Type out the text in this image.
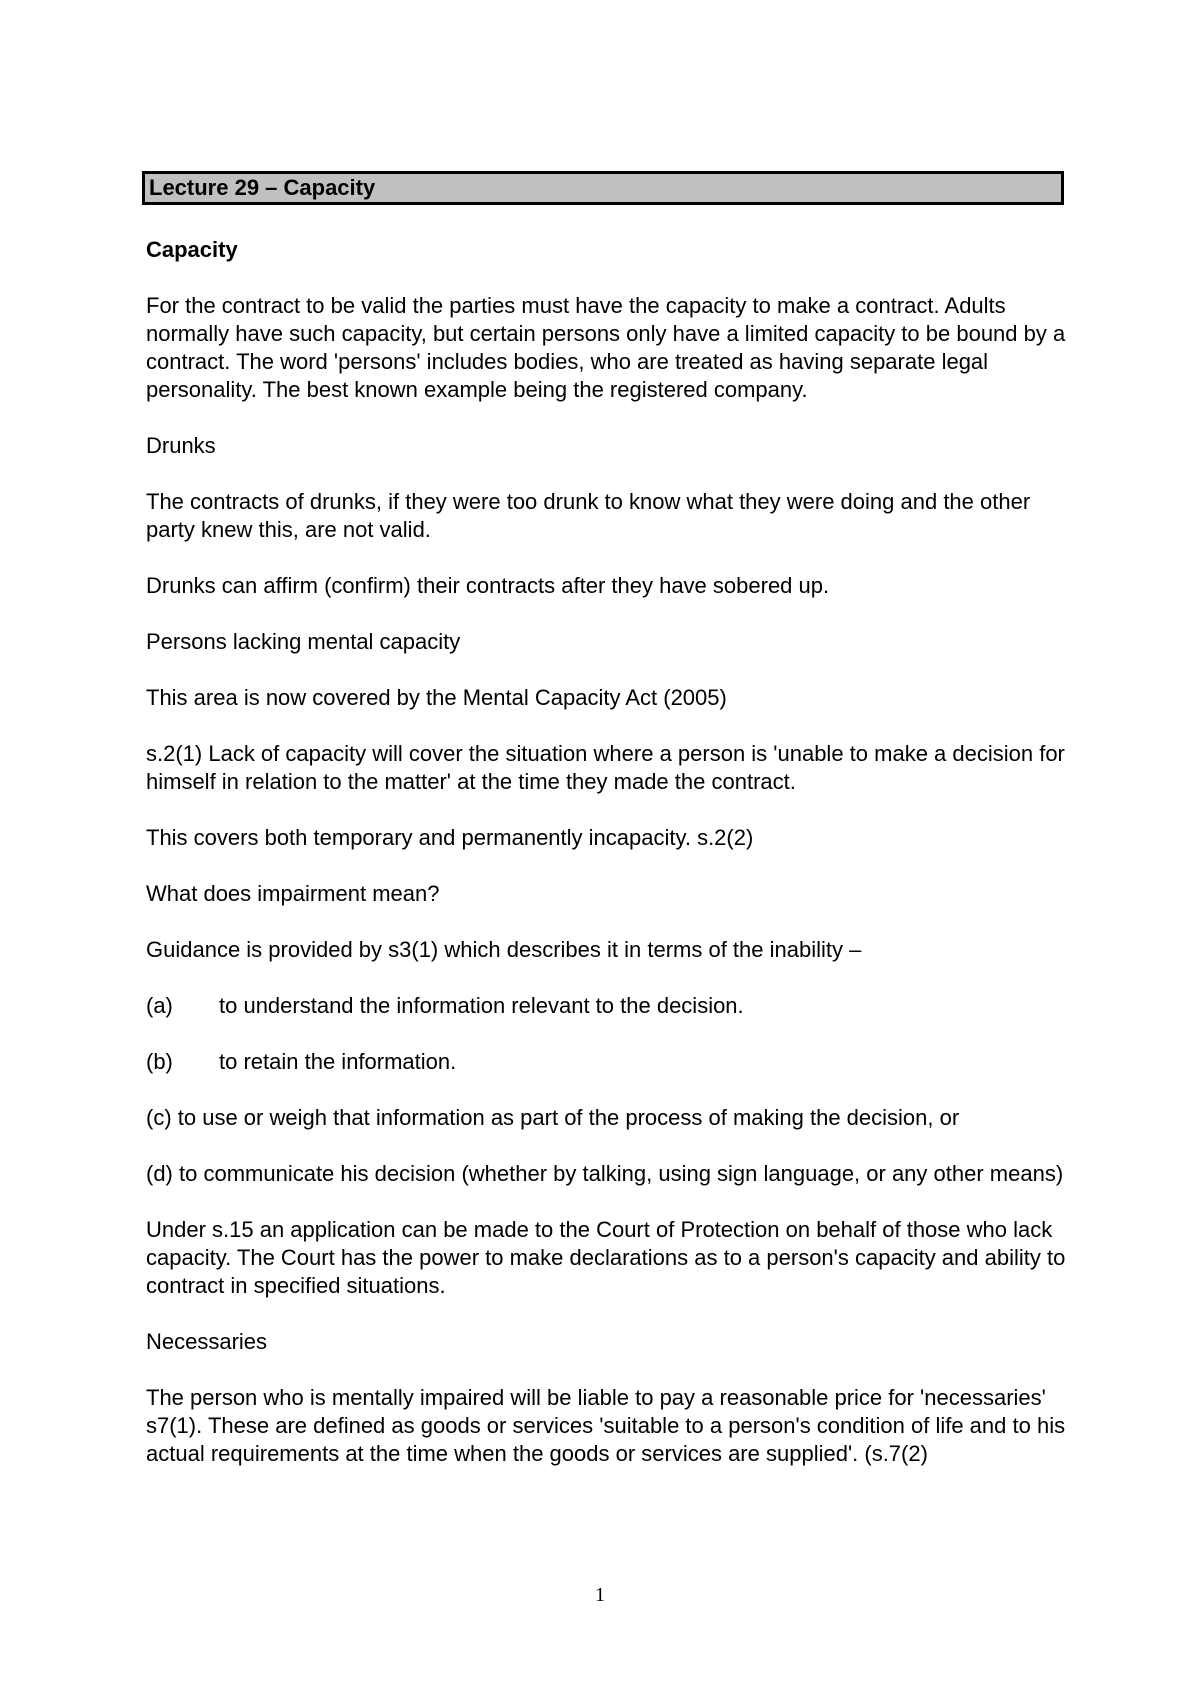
Lecture 29 – Capacity

Capacity

For the contract to be valid the parties must have the capacity to make a contract. Adults normally have such capacity, but certain persons only have a limited capacity to be bound by a contract. The word 'persons' includes bodies, who are treated as having separate legal personality. The best known example being the registered company.

Drunks

The contracts of drunks, if they were too drunk to know what they were doing and the other party knew this, are not valid.

Drunks can affirm (confirm) their contracts after they have sobered up.

Persons lacking mental capacity

This area is now covered by the Mental Capacity Act (2005)

s.2(1) Lack of capacity will cover the situation where a person is 'unable to make a decision for himself in relation to the matter' at the time they made the contract.

This covers both temporary and permanently incapacity. s.2(2)

What does impairment mean?

Guidance is provided by s3(1) which describes it in terms of the inability –

(a)	to understand the information relevant to the decision.

(b)	to retain the information.

(c) to use or weigh that information as part of the process of making the decision, or

(d) to communicate his decision (whether by talking, using sign language, or any other means)

Under s.15 an application can be made to the Court of Protection on behalf of those who lack capacity. The Court has the power to make declarations as to a person's capacity and ability to contract in specified situations.

Necessaries

The person who is mentally impaired will be liable to pay a reasonable price for 'necessaries' s7(1). These are defined as goods or services 'suitable to a person's condition of life and to his actual requirements at the time when the goods or services are supplied'. (s.7(2)

1
